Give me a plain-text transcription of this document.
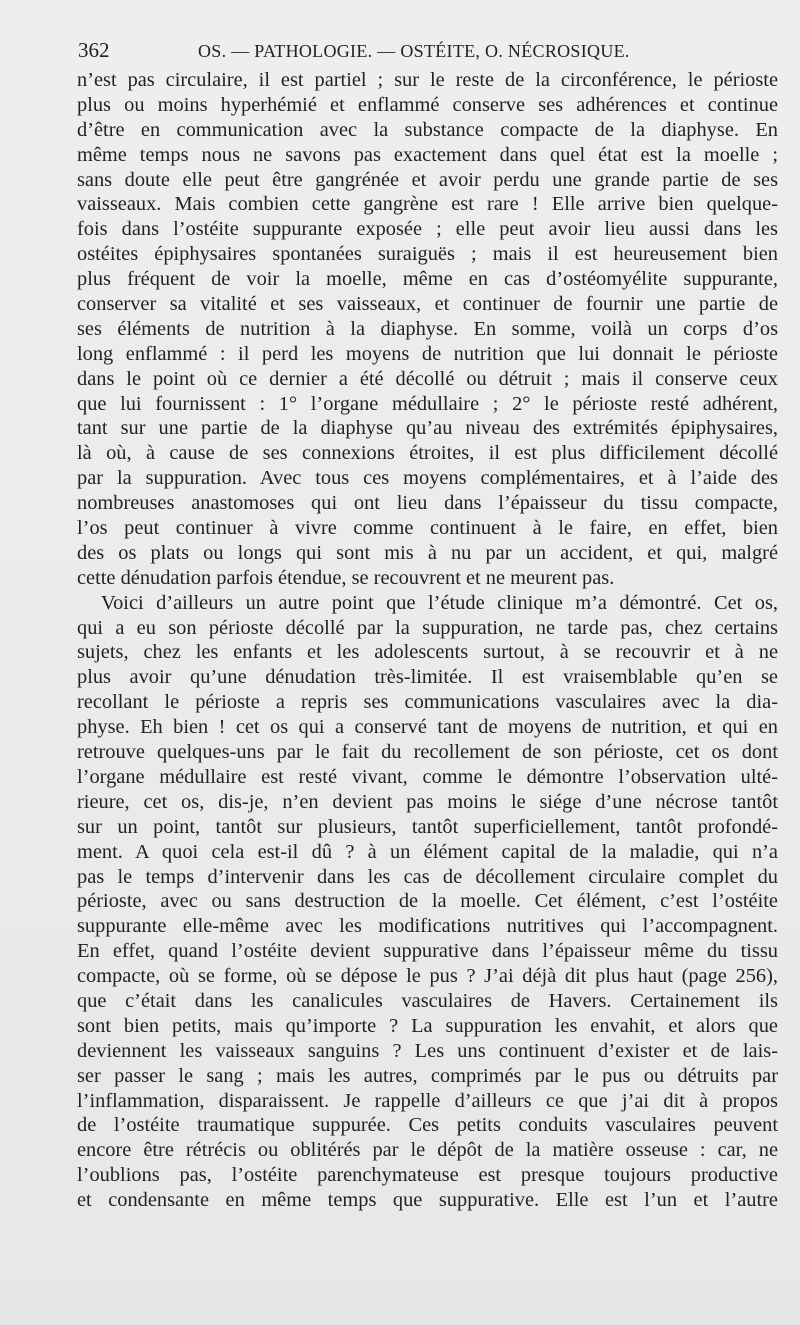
362	OS. — PATHOLOGIE. — OSTÉITE, O. NÉCROSIQUE.
n’est pas circulaire, il est partiel ; sur le reste de la circonférence, le périoste
plus ou moins hyperhémié et enflammé conserve ses adhérences et continue
d’être en communication avec la substance compacte de la diaphyse. En
même temps nous ne savons pas exactement dans quel état est la moelle ;
sans doute elle peut être gangrénée et avoir perdu une grande partie de ses
vaisseaux. Mais combien cette gangrène est rare ! Elle arrive bien quelque-
fois dans l’ostéite suppurante exposée ; elle peut avoir lieu aussi dans les
ostéites épiphysaires spontanées suraiguës ; mais il est heureusement bien
plus fréquent de voir la moelle, même en cas d’ostéomyélite suppurante,
conserver sa vitalité et ses vaisseaux, et continuer de fournir une partie de
ses éléments de nutrition à la diaphyse. En somme, voilà un corps d’os
long enflammé : il perd les moyens de nutrition que lui donnait le périoste
dans le point où ce dernier a été décollé ou détruit ; mais il conserve ceux
que lui fournissent : 1° l’organe médullaire ; 2° le périoste resté adhérent,
tant sur une partie de la diaphyse qu’au niveau des extrémités épiphysaires,
là où, à cause de ses connexions étroites, il est plus difficilement décollé
par la suppuration. Avec tous ces moyens complémentaires, et à l’aide des
nombreuses anastomoses qui ont lieu dans l’épaisseur du tissu compacte,
l’os peut continuer à vivre comme continuent à le faire, en effet, bien
des os plats ou longs qui sont mis à nu par un accident, et qui, malgré
cette dénudation parfois étendue, se recouvrent et ne meurent pas.
Voici d’ailleurs un autre point que l’étude clinique m’a démontré. Cet os,
qui a eu son périoste décollé par la suppuration, ne tarde pas, chez certains
sujets, chez les enfants et les adolescents surtout, à se recouvrir et à ne
plus avoir qu’une dénudation très-limitée. Il est vraisemblable qu’en se
recollant le périoste a repris ses communications vasculaires avec la dia-
physe. Eh bien ! cet os qui a conservé tant de moyens de nutrition, et qui en
retrouve quelques-uns par le fait du recollement de son périoste, cet os dont
l’organe médullaire est resté vivant, comme le démontre l’observation ulté-
rieure, cet os, dis-je, n’en devient pas moins le siége d’une nécrose tantôt
sur un point, tantôt sur plusieurs, tantôt superficiellement, tantôt profondé-
ment. A quoi cela est-il dû ? à un élément capital de la maladie, qui n’a
pas le temps d’intervenir dans les cas de décollement circulaire complet du
périoste, avec ou sans destruction de la moelle. Cet élément, c’est l’ostéite
suppurante elle-même avec les modifications nutritives qui l’accompagnent.
En effet, quand l’ostéite devient suppurative dans l’épaisseur même du tissu
compacte, où se forme, où se dépose le pus ? J’ai déjà dit plus haut (page 256),
que c’était dans les canalicules vasculaires de Havers. Certainement ils
sont bien petits, mais qu’importe ? La suppuration les envahit, et alors que
deviennent les vaisseaux sanguins ? Les uns continuent d’exister et de lais-
ser passer le sang ; mais les autres, comprimés par le pus ou détruits par
l’inflammation, disparaissent. Je rappelle d’ailleurs ce que j’ai dit à propos
de l’ostéite traumatique suppurée. Ces petits conduits vasculaires peuvent
encore être rétrécis ou oblitérés par le dépôt de la matière osseuse : car, ne
l’oublions pas, l’ostéite parenchymateuse est presque toujours productive
et condensante en même temps que suppurative. Elle est l’un et l’autre
